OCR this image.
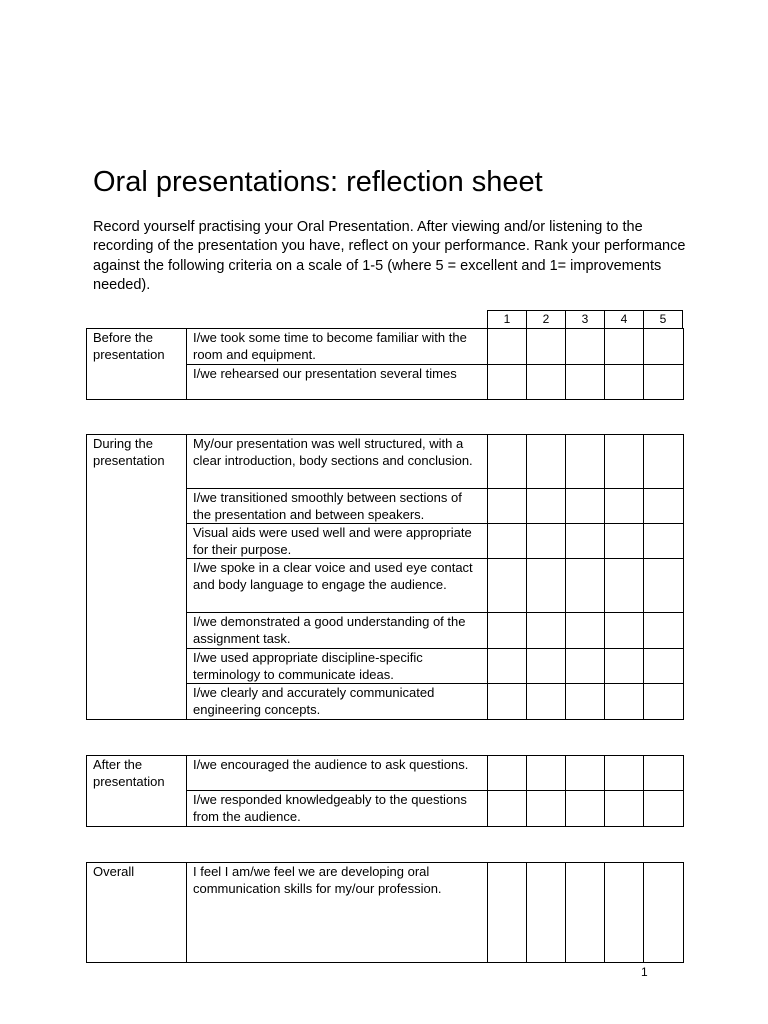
Oral presentations: reflection sheet

Record yourself practising your Oral Presentation. After viewing and/or listening to the recording of the presentation you have, reflect on your performance. Rank your performance against the following criteria on a scale of 1-5 (where 5 = excellent and 1= improvements needed).

1	2	3	4	5
Before the presentation	I/we took some time to become familiar with the room and equipment.					
	I/we rehearsed our presentation several times					
During the presentation	My/our presentation was well structured, with a clear introduction, body sections and conclusion.					
	I/we transitioned smoothly between sections of the presentation and between speakers.					
	Visual aids were used well and were appropriate for their purpose.					
	I/we spoke in a clear voice and used eye contact and body language to engage the audience.					
	I/we demonstrated a good understanding of the assignment task.					
	I/we used appropriate discipline-specific terminology to communicate ideas.					
	I/we clearly and accurately communicated engineering concepts.					
After the presentation	I/we encouraged the audience to ask questions.					
	I/we responded knowledgeably to the questions from the audience.					
Overall	I feel I am/we feel we are developing oral communication skills for my/our profession.					
1
